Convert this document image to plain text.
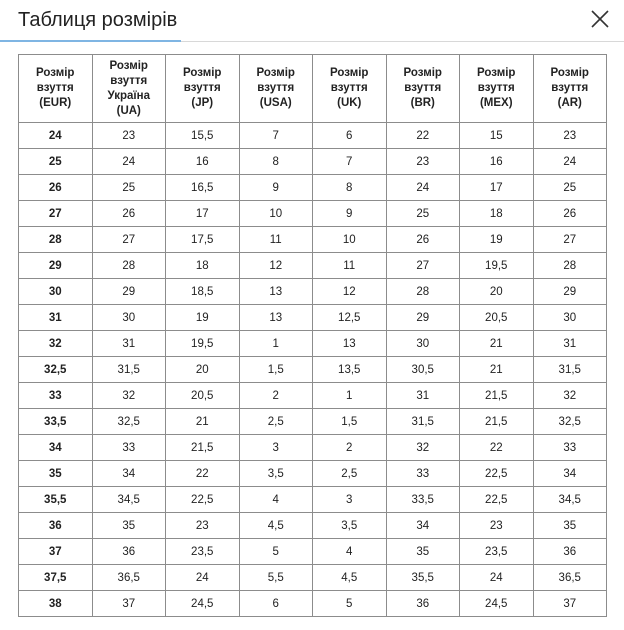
Таблиця розмірів
Розмір
взуття
(EUR)	Розмір
взуття
Україна
(UA)	Розмір
взуття
(JP)	Розмір
взуття
(USA)	Розмір
взуття
(UK)	Розмір
взуття
(BR)	Розмір
взуття
(MEX)	Розмір
взуття
(AR)

24	23	15,5	7	6	22	15	23
25	24	16	8	7	23	16	24
26	25	16,5	9	8	24	17	25
27	26	17	10	9	25	18	26
28	27	17,5	11	10	26	19	27
29	28	18	12	11	27	19,5	28
30	29	18,5	13	12	28	20	29
31	30	19	13	12,5	29	20,5	30
32	31	19,5	1	13	30	21	31
32,5	31,5	20	1,5	13,5	30,5	21	31,5
33	32	20,5	2	1	31	21,5	32
33,5	32,5	21	2,5	1,5	31,5	21,5	32,5
34	33	21,5	3	2	32	22	33
35	34	22	3,5	2,5	33	22,5	34
35,5	34,5	22,5	4	3	33,5	22,5	34,5
36	35	23	4,5	3,5	34	23	35
37	36	23,5	5	4	35	23,5	36
37,5	36,5	24	5,5	4,5	35,5	24	36,5
38	37	24,5	6	5	36	24,5	37
